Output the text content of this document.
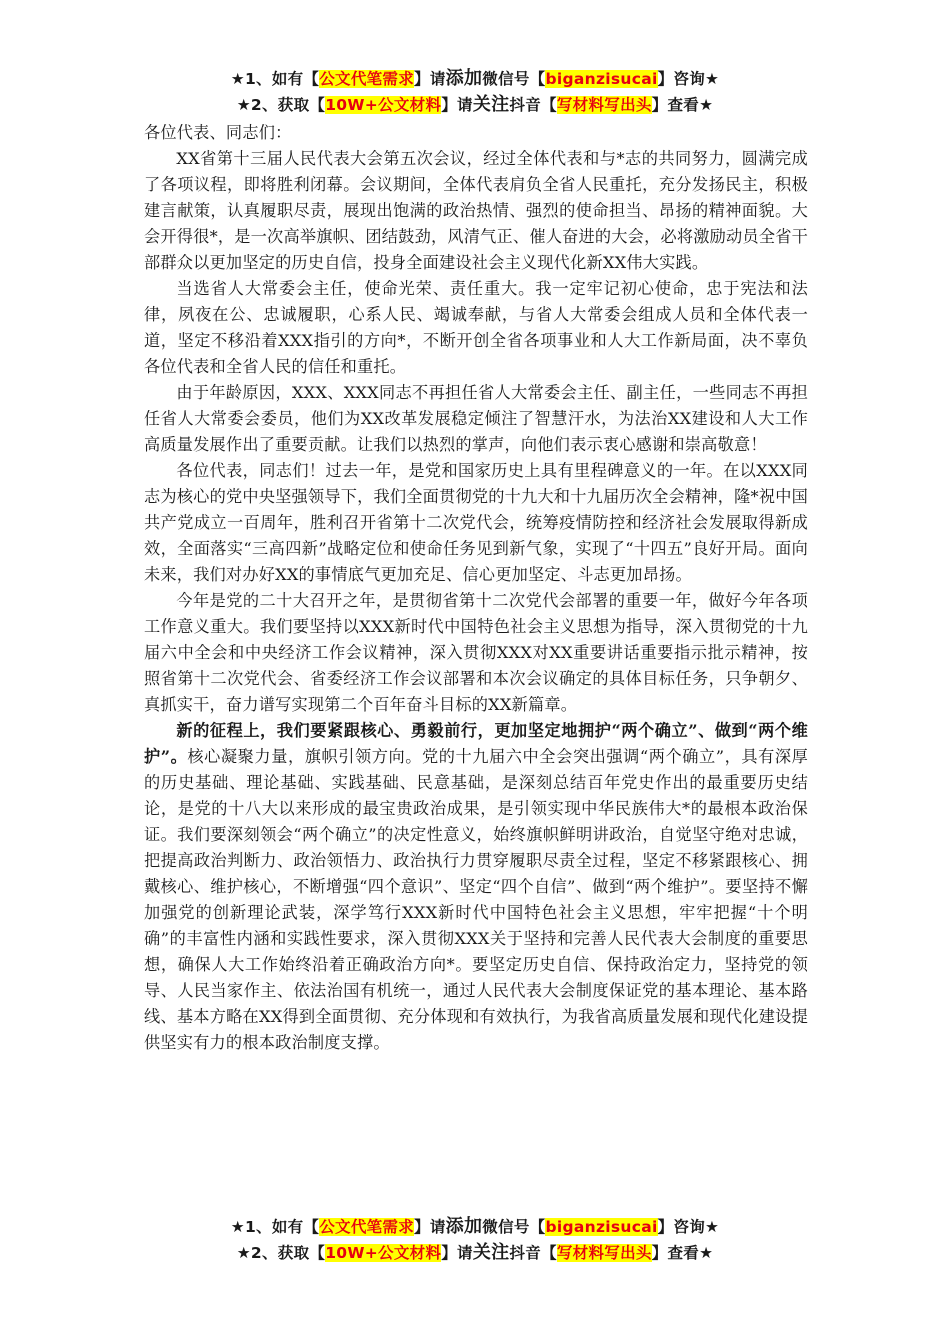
★1、如有【公文代笔需求】请添加微信号【biganzisucai】咨询★
★2、获取【10W+公文材料】请关注抖音【写材料写出头】查看★

各位代表、同志们：

XX省第十三届人民代表大会第五次会议，经过全体代表和与*志的共同努力，圆满完成了各项议程，即将胜利闭幕。会议期间，全体代表肩负全省人民重托，充分发扬民主，积极建言献策，认真履职尽责，展现出饱满的政治热情、强烈的使命担当、昂扬的精神面貌。大会开得很*，是一次高举旗帜、团结鼓劲，风清气正、催人奋进的大会，必将激励动员全省干部群众以更加坚定的历史自信，投身全面建设社会主义现代化新XX伟大实践。

当选省人大常委会主任，使命光荣、责任重大。我一定牢记初心使命，忠于宪法和法律，夙夜在公、忠诚履职，心系人民、竭诚奉献，与省人大常委会组成人员和全体代表一道，坚定不移沿着XXX指引的方向*，不断开创全省各项事业和人大工作新局面，决不辜负各位代表和全省人民的信任和重托。

由于年龄原因，XXX、XXX同志不再担任省人大常委会主任、副主任，一些同志不再担任省人大常委会委员，他们为XX改革发展稳定倾注了智慧汗水，为法治XX建设和人大工作高质量发展作出了重要贡献。让我们以热烈的掌声，向他们表示衷心感谢和崇高敬意！

各位代表，同志们！过去一年，是党和国家历史上具有里程碑意义的一年。在以XXX同志为核心的党中央坚强领导下，我们全面贯彻党的十九大和十九届历次全会精神，隆*祝中国共产党成立一百周年，胜利召开省第十二次党代会，统筹疫情防控和经济社会发展取得新成效，全面落实“三高四新”战略定位和使命任务见到新气象，实现了“十四五”良好开局。面向未来，我们对办好XX的事情底气更加充足、信心更加坚定、斗志更加昂扬。

今年是党的二十大召开之年，是贯彻省第十二次党代会部署的重要一年，做好今年各项工作意义重大。我们要坚持以XXX新时代中国特色社会主义思想为指导，深入贯彻党的十九届六中全会和中央经济工作会议精神，深入贯彻XXX对XX重要讲话重要指示批示精神，按照省第十二次党代会、省委经济工作会议部署和本次会议确定的具体目标任务，只争朝夕、真抓实干，奋力谱写实现第二个百年奋斗目标的XX新篇章。

新的征程上，我们要紧跟核心、勇毅前行，更加坚定地拥护“两个确立”、做到“两个维护”。核心凝聚力量，旗帜引领方向。党的十九届六中全会突出强调“两个确立”，具有深厚的历史基础、理论基础、实践基础、民意基础，是深刻总结百年党史作出的最重要历史结论，是党的十八大以来形成的最宝贵政治成果，是引领实现中华民族伟大*的最根本政治保证。我们要深刻领会“两个确立”的决定性意义，始终旗帜鲜明讲政治，自觉坚守绝对忠诚，把提高政治判断力、政治领悟力、政治执行力贯穿履职尽责全过程，坚定不移紧跟核心、拥戴核心、维护核心，不断增强“四个意识”、坚定“四个自信”、做到“两个维护”。要坚持不懈加强党的创新理论武装，深学笃行XXX新时代中国特色社会主义思想，牢牢把握“十个明确”的丰富性内涵和实践性要求，深入贯彻XXX关于坚持和完善人民代表大会制度的重要思想，确保人大工作始终沿着正确政治方向*。要坚定历史自信、保持政治定力，坚持党的领导、人民当家作主、依法治国有机统一，通过人民代表大会制度保证党的基本理论、基本路线、基本方略在XX得到全面贯彻、充分体现和有效执行，为我省高质量发展和现代化建设提供坚实有力的根本政治制度支撑。

★1、如有【公文代笔需求】请添加微信号【biganzisucai】咨询★
★2、获取【10W+公文材料】请关注抖音【写材料写出头】查看★
